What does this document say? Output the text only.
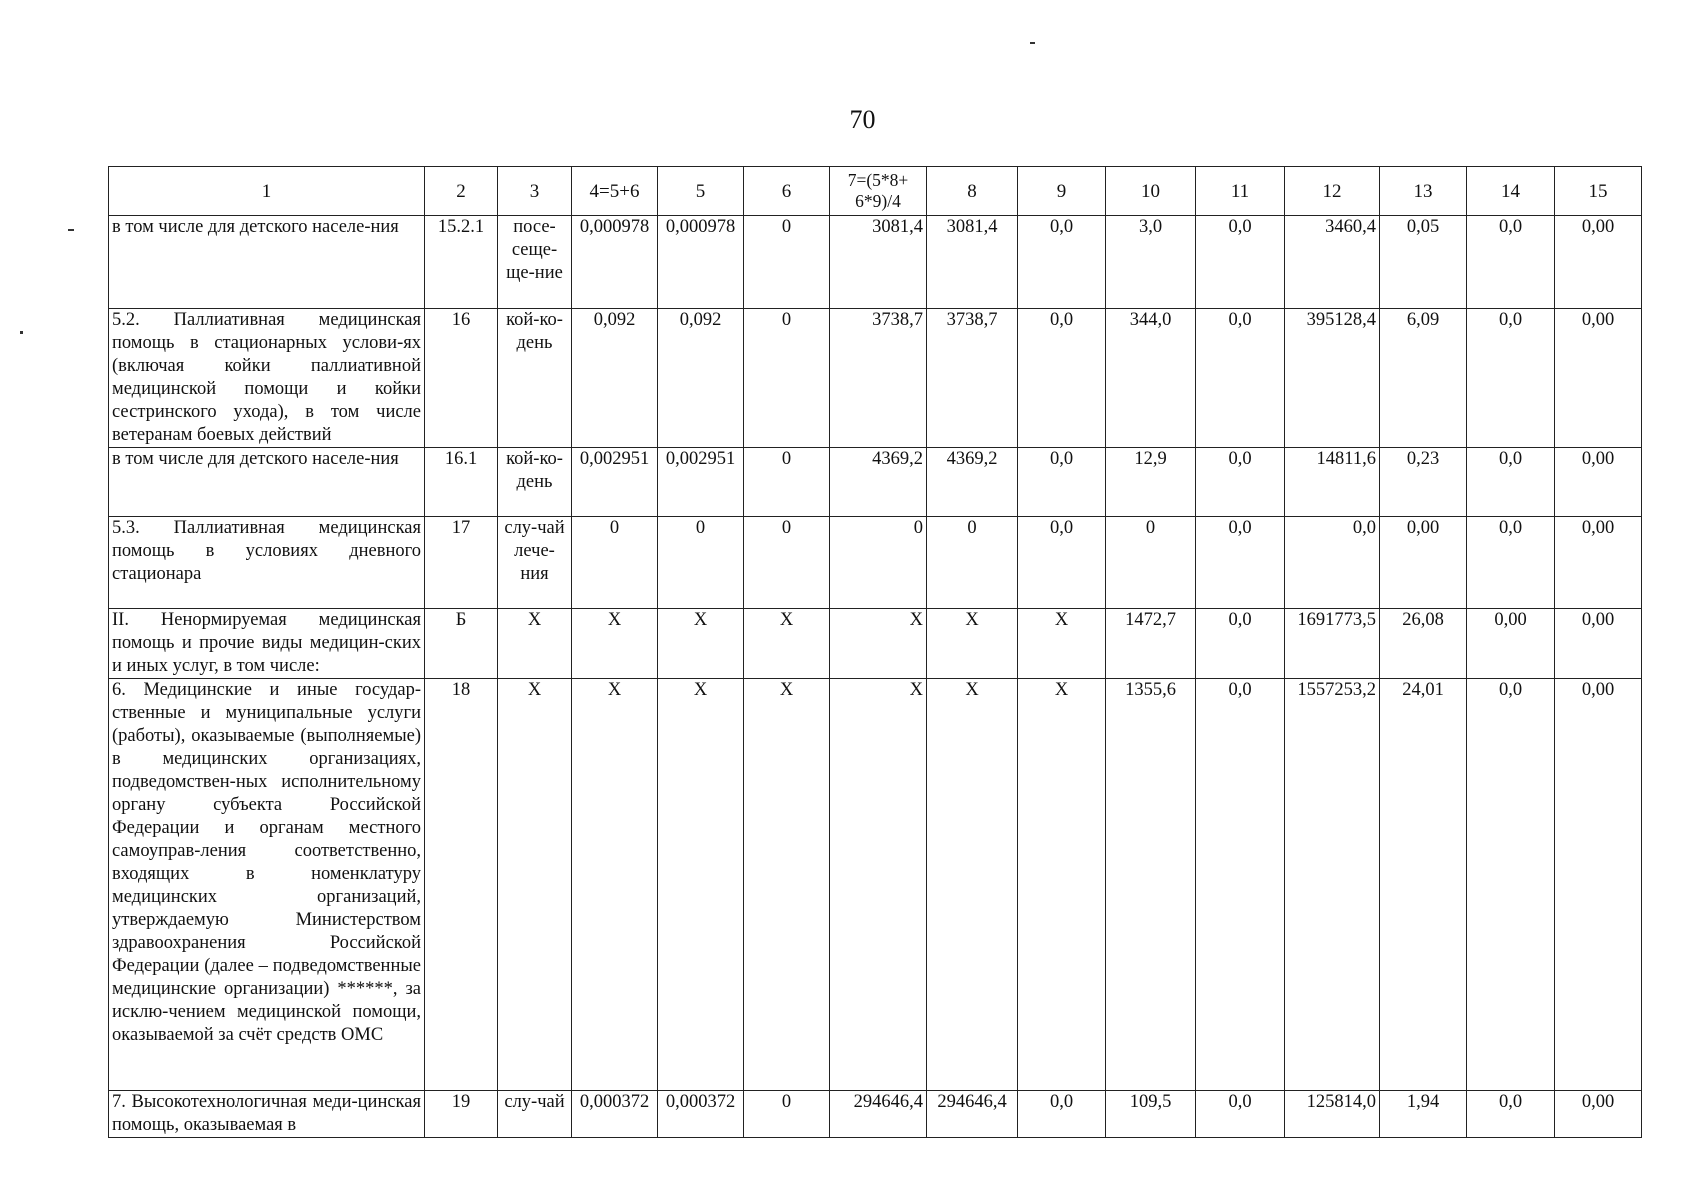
70
1	2	3	4=5+6	5	6	7=(5*8+ 6*9)/4	8	9	10	11	12	13	14	15
в том числе для детского населе-ния	15.2.1	посе-сеще-ще-ние	0,000978	0,000978	0	3081,4	3081,4	0,0	3,0	0,0	3460,4	0,05	0,0	0,00
5.2. Паллиативная медицинская помощь в стационарных услови-ях (включая койки паллиативной медицинской помощи и койки сестринского ухода), в том числе ветеранам боевых действий	16	кой-ко-день	0,092	0,092	0	3738,7	3738,7	0,0	344,0	0,0	395128,4	6,09	0,0	0,00
в том числе для детского населе-ния	16.1	кой-ко-день	0,002951	0,002951	0	4369,2	4369,2	0,0	12,9	0,0	14811,6	0,23	0,0	0,00
5.3. Паллиативная медицинская помощь в условиях дневного стационара	17	слу-чай лече-ния	0	0	0	0	0	0,0	0	0,0	0,0	0,00	0,0	0,00
II. Ненормируемая медицинская помощь и прочие виды медицин-ских и иных услуг, в том числе:	Б	X	X	X	X	X	X	X	1472,7	0,0	1691773,5	26,08	0,00	0,00
6. Медицинские и иные государ-ственные и муниципальные услуги (работы), оказываемые (выполняемые) в медицинских организациях, подведомствен-ных исполнительному органу субъекта Российской Федерации и органам местного самоуправ-ления соответственно, входящих в номенклатуру медицинских организаций, утверждаемую Министерством здравоохранения Российской Федерации (далее – подведомственные медицинские организации) ******, за исклю-чением медицинской помощи, оказываемой за счёт средств ОМС	18	X	X	X	X	X	X	X	1355,6	0,0	1557253,2	24,01	0,0	0,00
7. Высокотехнологичная меди-цинская помощь, оказываемая в	19	слу-чай	0,000372	0,000372	0	294646,4	294646,4	0,0	109,5	0,0	125814,0	1,94	0,0	0,00
